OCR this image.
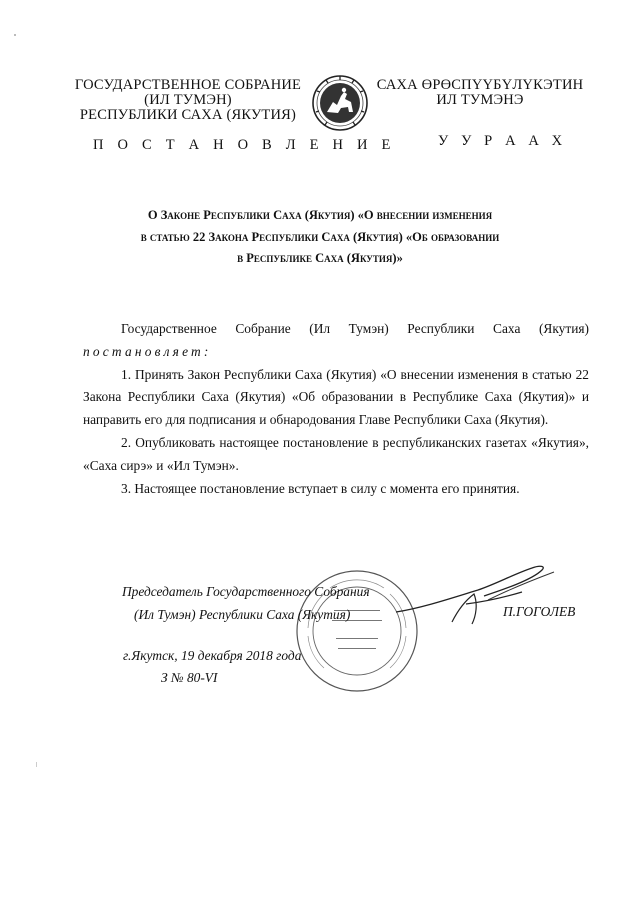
ГОСУДАРСТВЕННОЕ СОБРАНИЕ
(ИЛ ТУМЭН)
РЕСПУБЛИКИ САХА (ЯКУТИЯ)
САХА ӨРӨСПҮҮБҮЛҮКЭТИН
ИЛ ТУМЭНЭ
П О С Т А Н О В Л Е Н И Е	У У Р А А Х
О Законе Республики Саха (Якутия) «О внесении изменения
в статью 22 Закона Республики Саха (Якутия) «Об образовании
в Республике Саха (Якутия)»

Государственное Собрание (Ил Тумэн) Республики Саха (Якутия)

постановляет:

1. Принять Закон Республики Саха (Якутия) «О внесении изменения в статью 22 Закона Республики Саха (Якутия) «Об образовании в Республике Саха (Якутия)» и направить его для подписания и обнародования Главе Республики Саха (Якутия).

2. Опубликовать настоящее постановление в республиканских газетах «Якутия», «Саха сирэ» и «Ил Тумэн».

3. Настоящее постановление вступает в силу с момента его принятия.

Председатель Государственного Собрания
(Ил Тумэн) Республики Саха (Якутия)	П.ГОГОЛЕВ
г.Якутск, 19 декабря 2018 года
З № 80-VI
